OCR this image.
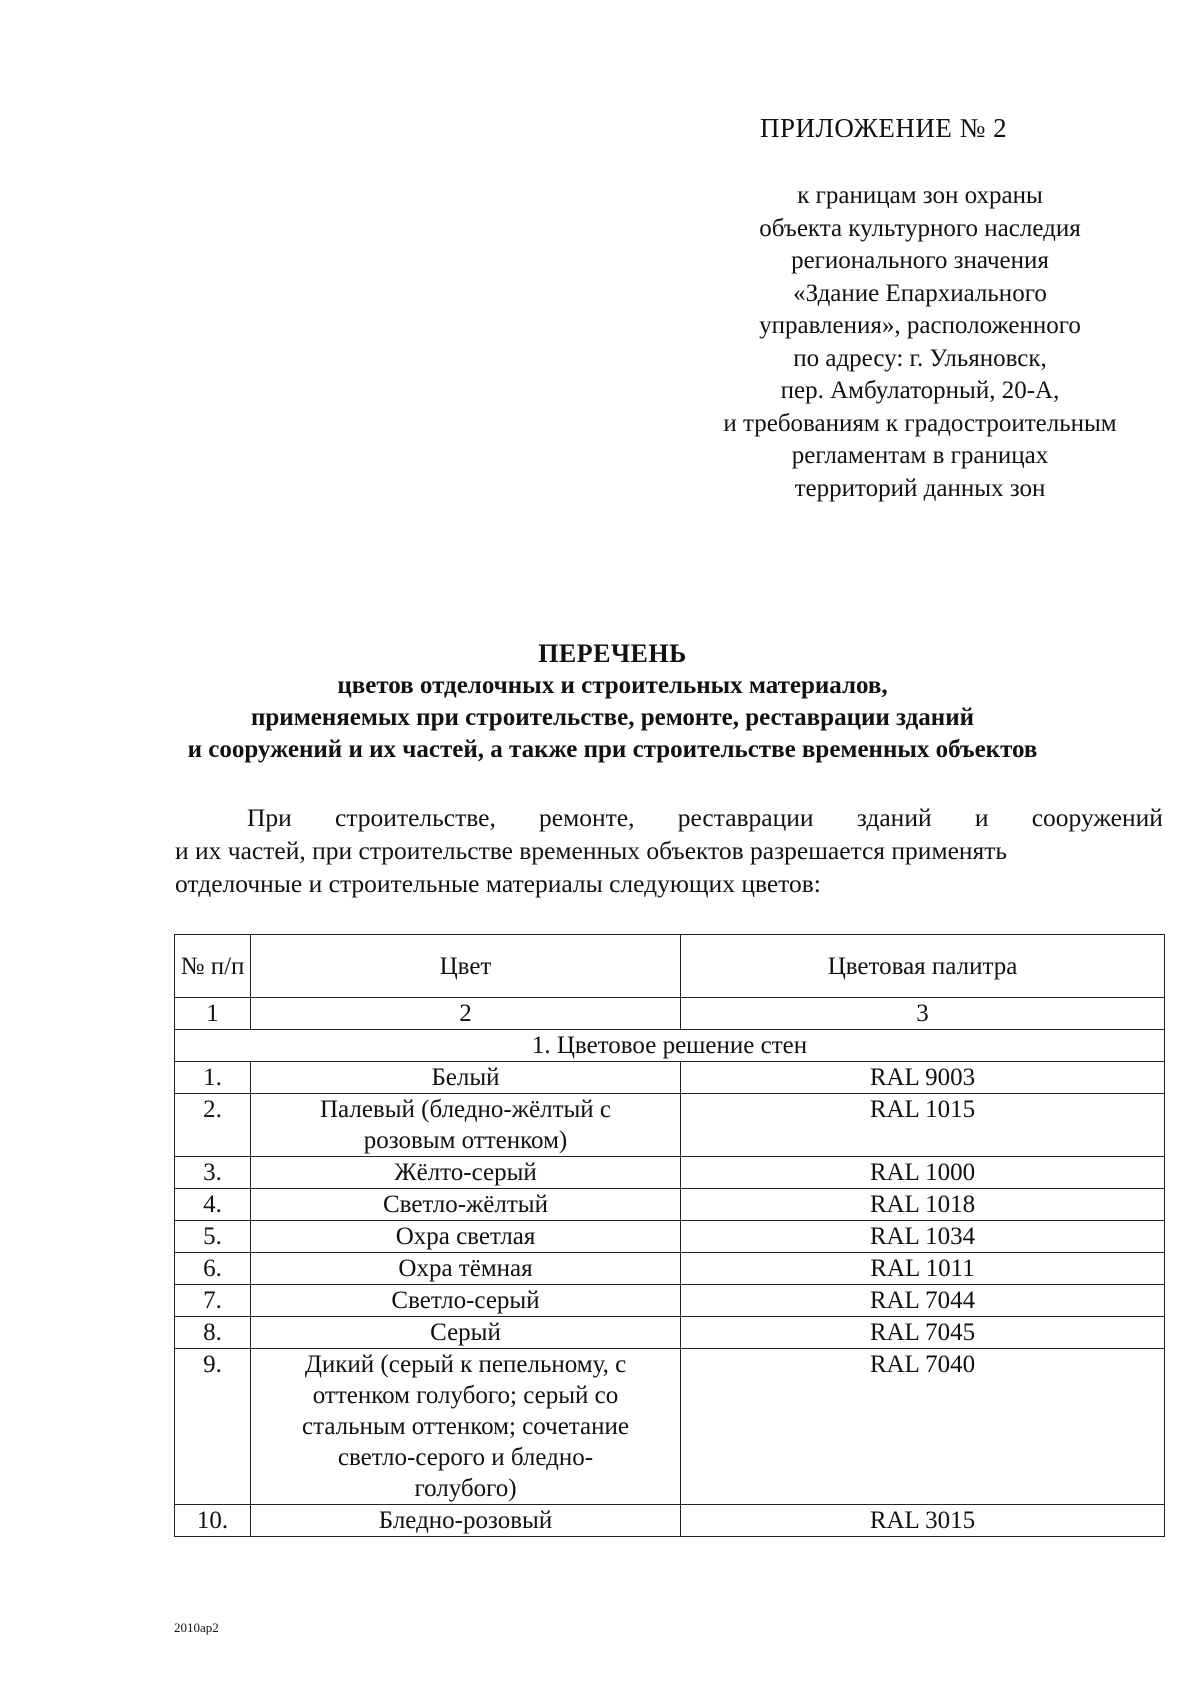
ПРИЛОЖЕНИЕ № 2
к границам зон охраны
объекта культурного наследия
регионального значения
«Здание Епархиального
управления», расположенного
по адресу: г. Ульяновск,
пер. Амбулаторный, 20-А,
и требованиям к градостроительным
регламентам в границах
территорий данных зон
ПЕРЕЧЕНЬ
цветов отделочных и строительных материалов,
применяемых при строительстве, ремонте, реставрации зданий
и сооружений и их частей, а также при строительстве временных объектов
При строительстве, ремонте, реставрации зданий и сооружений
и их частей, при строительстве временных объектов разрешается применять
отделочные и строительные материалы следующих цветов:
№ п/п	Цвет	Цветовая палитра
1	2	3
1. Цветовое решение стен		
1.	Белый	RAL 9003
2.	Палевый (бледно-жёлтый с розовым оттенком)	RAL 1015
3.	Жёлто-серый	RAL 1000
4.	Светло-жёлтый	RAL 1018
5.	Охра светлая	RAL 1034
6.	Охра тёмная	RAL 1011
7.	Светло-серый	RAL 7044
8.	Серый	RAL 7045
9.	Дикий (серый к пепельному, с оттенком голубого; серый со стальным оттенком; сочетание светло-серого и бледно-голубого)	RAL 7040
10.	Бледно-розовый	RAL 3015
2010ap2
